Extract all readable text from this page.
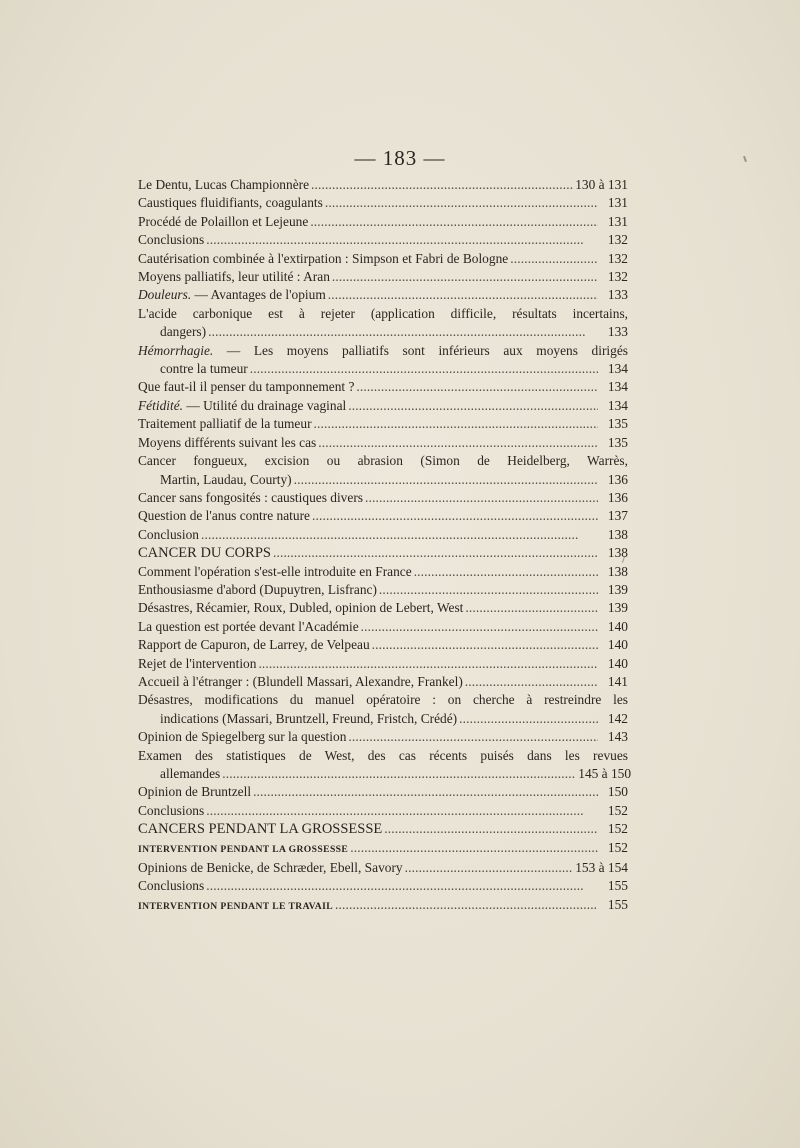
— 183 —
Le Dentu, Lucas Championnère . . .	130 à 131
Caustiques fluidifiants, coagulants . . .	131
Procédé de Polaillon et Lejeune . . .	131
Conclusions . . .	132
Cautérisation combinée à l'extirpation : Simpson et Fabri de Bologne . . .	132
Moyens palliatifs, leur utilité : Aran . . .	132
Douleurs. — Avantages de l'opium . . .	133
L'acide carbonique est à rejeter (application difficile, résultats incertains,
dangers) . . .	133
Hémorrhagie. — Les moyens palliatifs sont inférieurs aux moyens dirigés
contre la tumeur . . .	134
Que faut-il il penser du tamponnement ? . . .	134
Fétidité. — Utilité du drainage vaginal . . .	134
Traitement palliatif de la tumeur . . .	135
Moyens différents suivant les cas . . .	135
Cancer fongueux, excision ou abrasion (Simon de Heidelberg, Warrès,
Martin, Laudau, Courty) . . .	136
Cancer sans fongosités : caustiques divers . . .	136
Question de l'anus contre nature . . .	137
Conclusion . . .	138
CANCER DU CORPS . . .	138
Comment l'opération s'est-elle introduite en France . . .	138
Enthousiasme d'abord (Dupuytren, Lisfranc) . . .	139
Désastres, Récamier, Roux, Dubled, opinion de Lebert, West . . .	139
La question est portée devant l'Académie . . .	140
Rapport de Capuron, de Larrey, de Velpeau . . .	140
Rejet de l'intervention . . .	140
Accueil à l'étranger : (Blundell Massari, Alexandre, Frankel) . . .	141
Désastres, modifications du manuel opératoire : on cherche à restreindre les
indications (Massari, Bruntzell, Freund, Fristch, Crédé) . . .	142
Opinion de Spiegelberg sur la question . . .	143
Examen des statistiques de West, des cas récents puisés dans les revues
allemandes . . .	145 à 150
Opinion de Bruntzell . . .	150
Conclusions . . .	152
CANCERS PENDANT LA GROSSESSE . . .	152
INTERVENTION PENDANT LA GROSSESSE . . .	152
Opinions de Benicke, de Schræder, Ebell, Savory . . .	153 à 154
Conclusions . . .	155
INTERVENTION PENDANT LE TRAVAIL . . .	155
